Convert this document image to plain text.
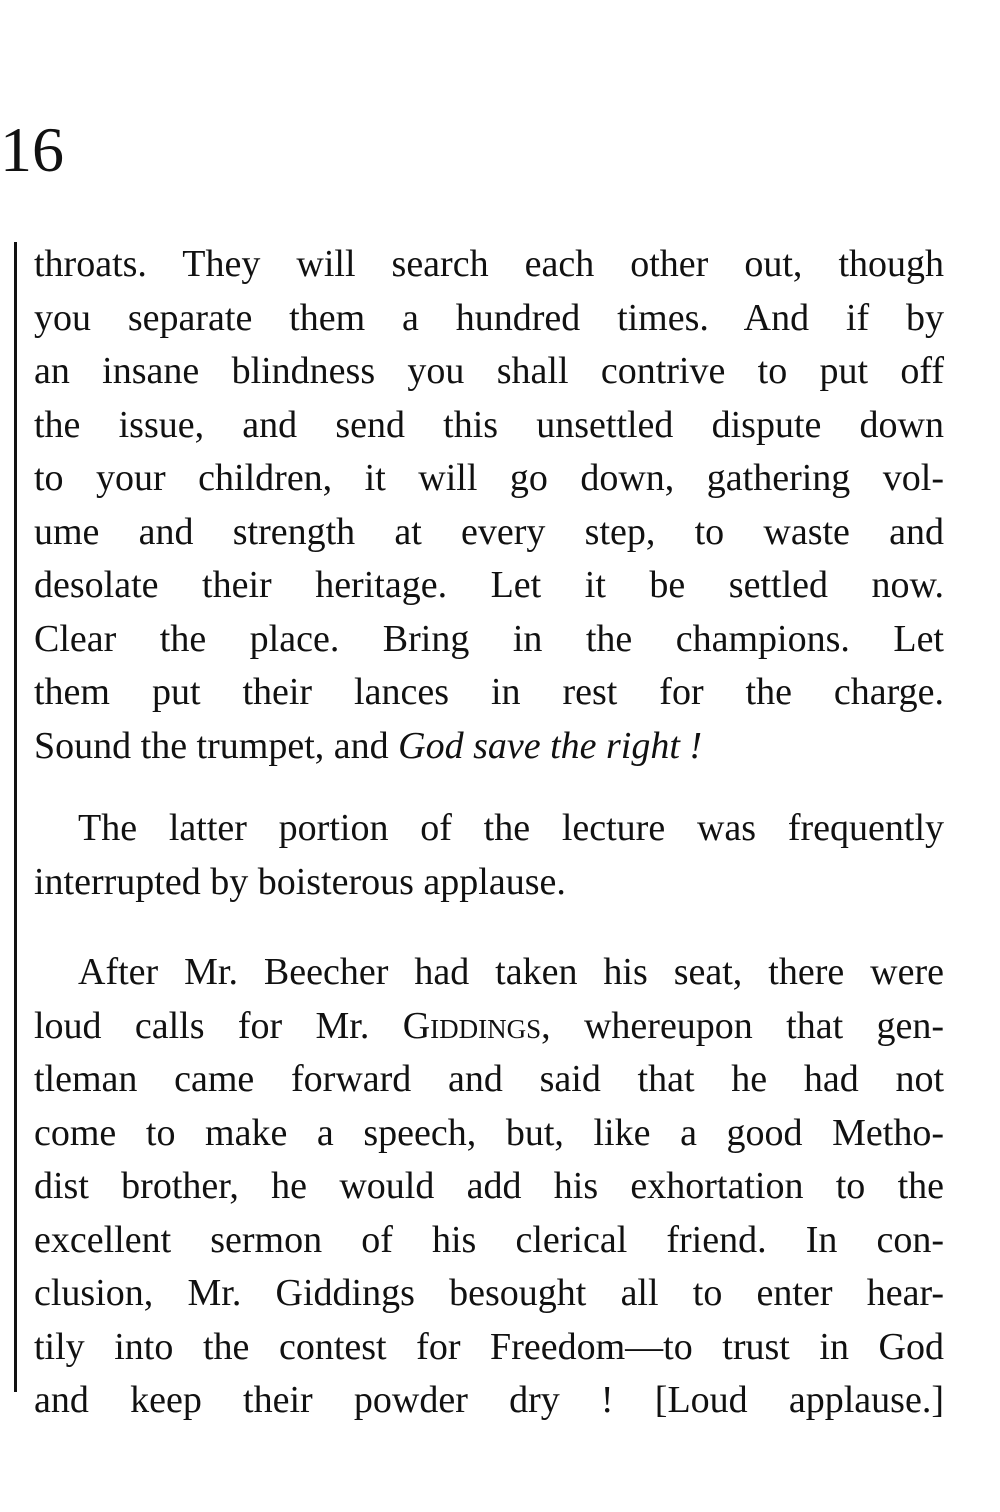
16
throats. They will search each other out, though
you separate them a hundred times. And if by
an insane blindness you shall contrive to put off
the issue, and send this unsettled dispute down
to your children, it will go down, gathering vol-
ume and strength at every step, to waste and
desolate their heritage. Let it be settled now.
Clear the place. Bring in the champions. Let
them put their lances in rest for the charge.
Sound the trumpet, and God save the right !
The latter portion of the lecture was frequently
interrupted by boisterous applause.
After Mr. Beecher had taken his seat, there were
loud calls for Mr. Giddings, whereupon that gen-
tleman came forward and said that he had not
come to make a speech, but, like a good Metho-
dist brother, he would add his exhortation to the
excellent sermon of his clerical friend. In con-
clusion, Mr. Giddings besought all to enter hear-
tily into the contest for Freedom—to trust in God
and keep their powder dry ! [Loud applause.]
